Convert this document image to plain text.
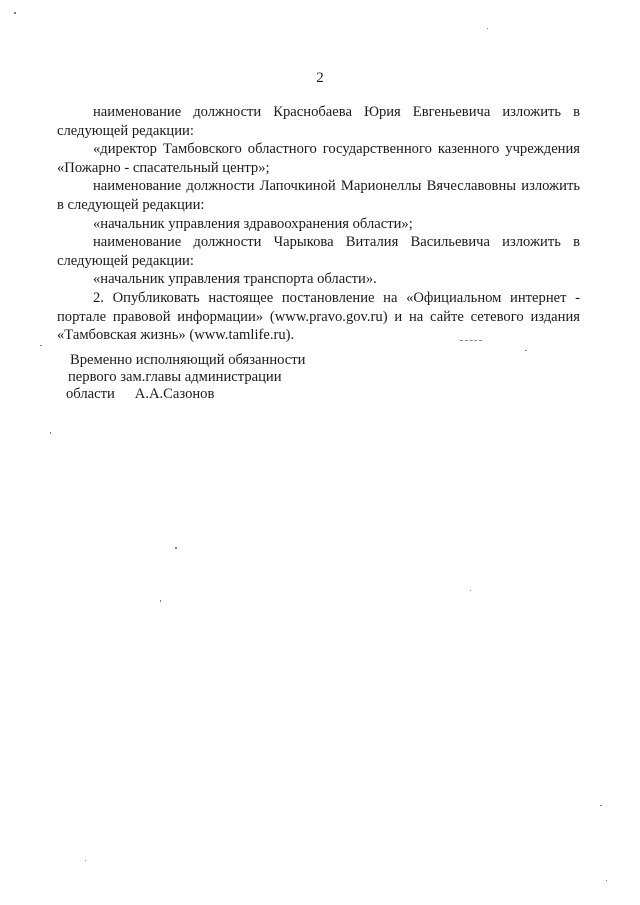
2

наименование должности Краснобаева Юрия Евгеньевича изложить в следующей редакции:

«директор Тамбовского областного государственного казенного учреждения «Пожарно - спасательный центр»;

наименование должности Лапочкиной Марионеллы Вячеславовны изложить в следующей редакции:

«начальник управления здравоохранения области»;

наименование должности Чарыкова Виталия Васильевича изложить в следующей редакции:

«начальник управления транспорта области».

2. Опубликовать настоящее постановление на «Официальном интернет - портале правовой информации» (www.pravo.gov.ru) и на сайте сетевого издания «Тамбовская жизнь» (www.tamlife.ru).

Временно исполняющий обязанности

первого зам.главы администрации

области А.А.Сазонов
